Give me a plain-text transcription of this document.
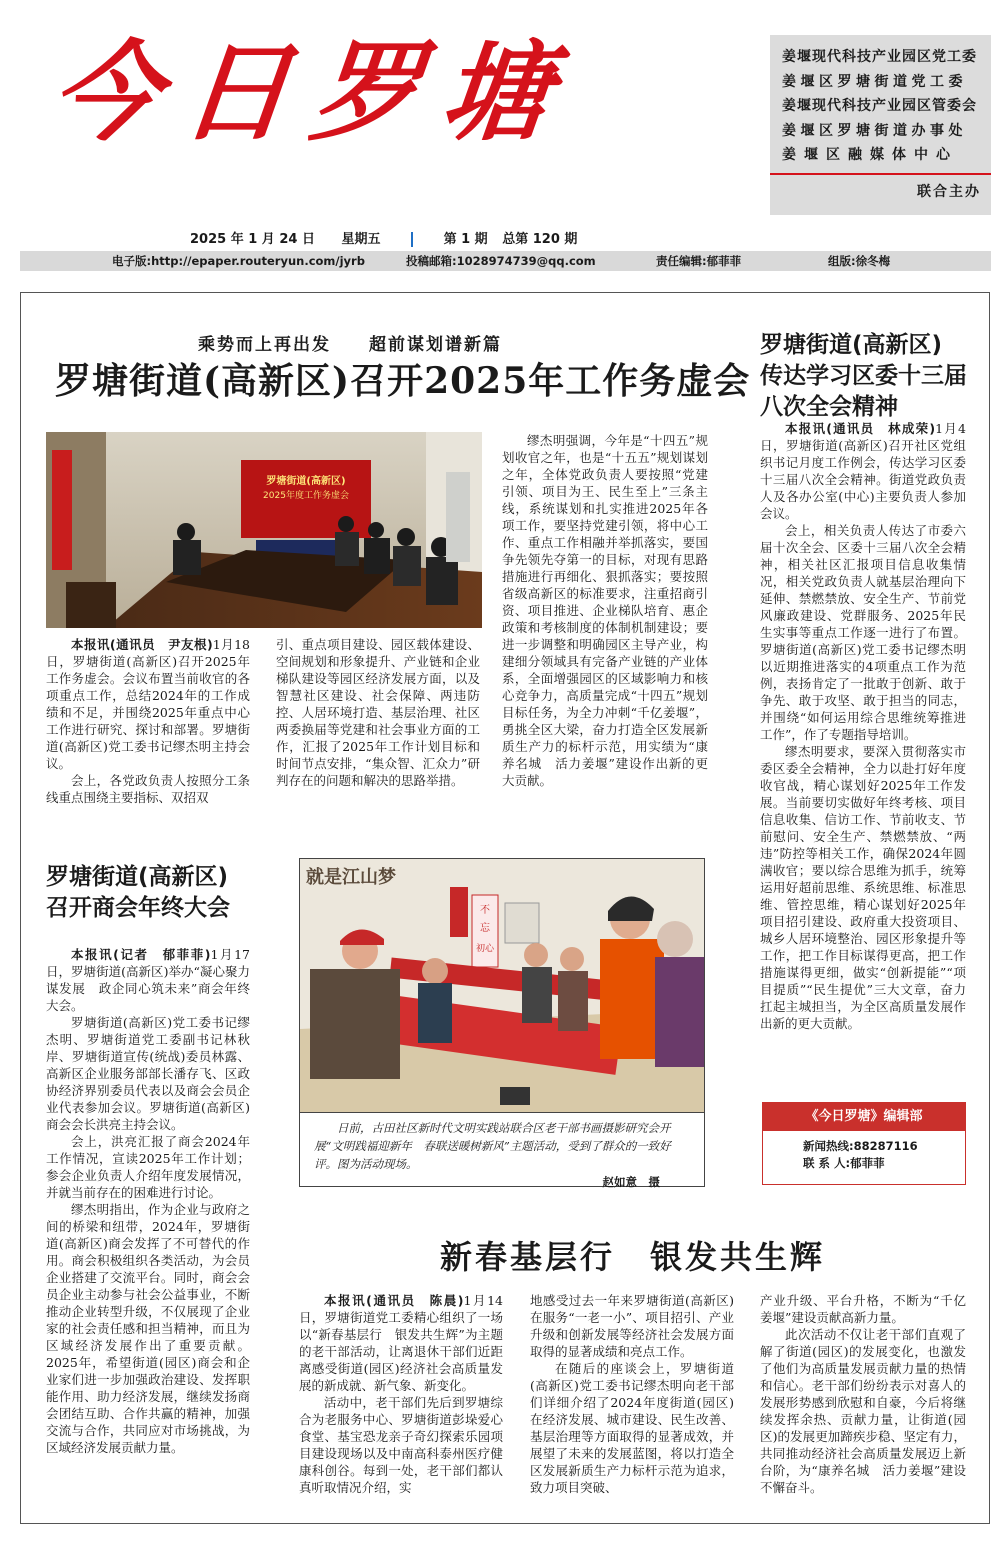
今日罗塘	姜堰现代科技产业园区党工委
姜堰区罗塘街道党工委
姜堰现代科技产业园区管委会
姜堰区罗塘街道办事处
姜堰区融媒体中心
联合主办
2025 年 1 月 24 日 星期五	第 1 期 总第 120 期
电子版:http://epaper.routeryun.com/jyrb	投稿邮箱:1028974739@qq.com	责任编辑:郁菲菲	组版:徐冬梅
乘势而上再出发　　超前谋划谱新篇
罗塘街道(高新区)召开2025年工作务虚会
罗塘街道(高新区)
2025年度工作务虚会

本报讯(通讯员　尹友根)1月18日，罗塘街道(高新区)召开2025年工作务虚会。会议布置当前收官的各项重点工作，总结2024年的工作成绩和不足，并围绕2025年重点中心工作进行研究、探讨和部署。罗塘街道(高新区)党工委书记缪杰明主持会议。

会上，各党政负责人按照分工条线重点围绕主要指标、双招双

引、重点项目建设、园区载体建设、空间规划和形象提升、产业链和企业梯队建设等园区经济发展方面，以及智慧社区建设、社会保障、两违防控、人居环境打造、基层治理、社区两委换届等党建和社会事业方面的工作，汇报了2025年工作计划目标和时间节点安排，“集众智、汇众力”研判存在的问题和解决的思路举措。

缪杰明强调，今年是“十四五”规划收官之年，也是“十五五”规划谋划之年，全体党政负责人要按照“党建引领、项目为王、民生至上”三条主线，系统谋划和扎实推进2025年各项工作，要坚持党建引领，将中心工作、重点工作相融并举抓落实，要国争先领先夺第一的目标，对现有思路措施进行再细化、狠抓落实；要按照省级高新区的标准要求，注重招商引资、项目推进、企业梯队培育、惠企政策和考核制度的体制机制建设；要进一步调整和明确园区主导产业，构建细分领域具有完备产业链的产业体系，全面增强园区的区域影响力和核心竞争力，高质量完成“十四五”规划目标任务，为全力冲刺“千亿姜堰”，勇挑全区大梁，奋力打造全区发展新质生产力的标杆示范，用实绩为“康养名城　活力姜堰”建设作出新的更大贡献。

罗塘街道(高新区)
传达学习区委十三届
八次全会精神

本报讯(通讯员　林成荣)1月4日，罗塘街道(高新区)召开社区党组织书记月度工作例会，传达学习区委十三届八次全会精神。街道党政负责人及各办公室(中心)主要负责人参加会议。

会上，相关负责人传达了市委六届十次全会、区委十三届八次全会精神，相关社区汇报项目信息收集情况，相关党政负责人就基层治理向下延伸、禁燃禁放、安全生产、节前党风廉政建设、党群服务、2025年民生实事等重点工作逐一进行了布置。罗塘街道(高新区)党工委书记缪杰明以近期推进落实的4项重点工作为范例，表扬肯定了一批敢于创新、敢于争先、敢于攻坚、敢于担当的同志，并围绕“如何运用综合思维统筹推进工作”，作了专题指导培训。

缪杰明要求，要深入贯彻落实市委区委全会精神，全力以赴打好年度收官战，精心谋划好2025年工作发展。当前要切实做好年终考核、项目信息收集、信访工作、节前收支、节前慰问、安全生产、禁燃禁放、“两违”防控等相关工作，确保2024年圆满收官；要以综合思维为抓手，统筹运用好超前思维、系统思维、标准思维、管控思维，精心谋划好2025年项目招引建设、政府重大投资项目、城乡人居环境整治、园区形象提升等工作，把工作目标谋得更高，把工作措施谋得更细，做实“创新提能”“项目提质”“民生提优”三大文章，奋力扛起主城担当，为全区高质量发展作出新的更大贡献。

罗塘街道(高新区)
召开商会年终大会

本报讯(记者　郁菲菲)1月17日，罗塘街道(高新区)举办“凝心聚力谋发展　政企同心筑未来”商会年终大会。

罗塘街道(高新区)党工委书记缪杰明、罗塘街道党工委副书记林秋岸、罗塘街道宣传(统战)委员林露、高新区企业服务部部长潘存飞、区政协经济界别委员代表以及商会会员企业代表参加会议。罗塘街道(高新区)商会会长洪亮主持会议。

会上，洪亮汇报了商会2024年工作情况，宣读2025年工作计划；参会企业负责人介绍年度发展情况，并就当前存在的困难进行讨论。

缪杰明指出，作为企业与政府之间的桥梁和纽带，2024年，罗塘街道(高新区)商会发挥了不可替代的作用。商会积极组织各类活动，为会员企业搭建了交流平台。同时，商会会员企业主动参与社会公益事业，不断推动企业转型升级，不仅展现了企业家的社会责任感和担当精神，而且为区域经济发展作出了重要贡献。2025年，希望街道(园区)商会和企业家们进一步加强政治建设、发挥职能作用、助力经济发展，继续发扬商会团结互助、合作共赢的精神，加强交流与合作，共同应对市场挑战，为区域经济发展贡献力量。

就是江山梦
不
忘
初心
日前，古田社区新时代文明实践站联合区老干部书画摄影研究会开展“文明践福迎新年　春联送暖树新风”主题活动，受到了群众的一致好评。图为活动现场。
赵如意　摄
《今日罗塘》编辑部
新闻热线:88287116
联 系 人:郁菲菲
新春基层行　银发共生辉

本报讯(通讯员　陈晨)1月14日，罗塘街道党工委精心组织了一场以“新春基层行　银发共生辉”为主题的老干部活动，让离退休干部们近距离感受街道(园区)经济社会高质量发展的新成就、新气象、新变化。

活动中，老干部们先后到罗塘综合为老服务中心、罗塘街道彭垛爱心食堂、基宝恐龙亲子奇幻探索乐园项目建设现场以及中南高科泰州医疗健康科创谷。每到一处，老干部们都认真听取情况介绍，实

地感受过去一年来罗塘街道(高新区)在服务“一老一小”、项目招引、产业升级和创新发展等经济社会发展方面取得的显著成绩和亮点工作。

在随后的座谈会上，罗塘街道(高新区)党工委书记缪杰明向老干部们详细介绍了2024年度街道(园区)在经济发展、城市建设、民生改善、基层治理等方面取得的显著成效，并展望了未来的发展蓝图，将以打造全区发展新质生产力标杆示范为追求，致力项目突破、

产业升级、平台升格，不断为“千亿姜堰”建设贡献高新力量。

此次活动不仅让老干部们直观了解了街道(园区)的发展变化，也激发了他们为高质量发展贡献力量的热情和信心。老干部们纷纷表示对喜人的发展形势感到欣慰和自豪，今后将继续发挥余热、贡献力量，让街道(园区)的发展更加蹄疾步稳、坚定有力，共同推动经济社会高质量发展迈上新台阶，为“康养名城　活力姜堰”建设不懈奋斗。
